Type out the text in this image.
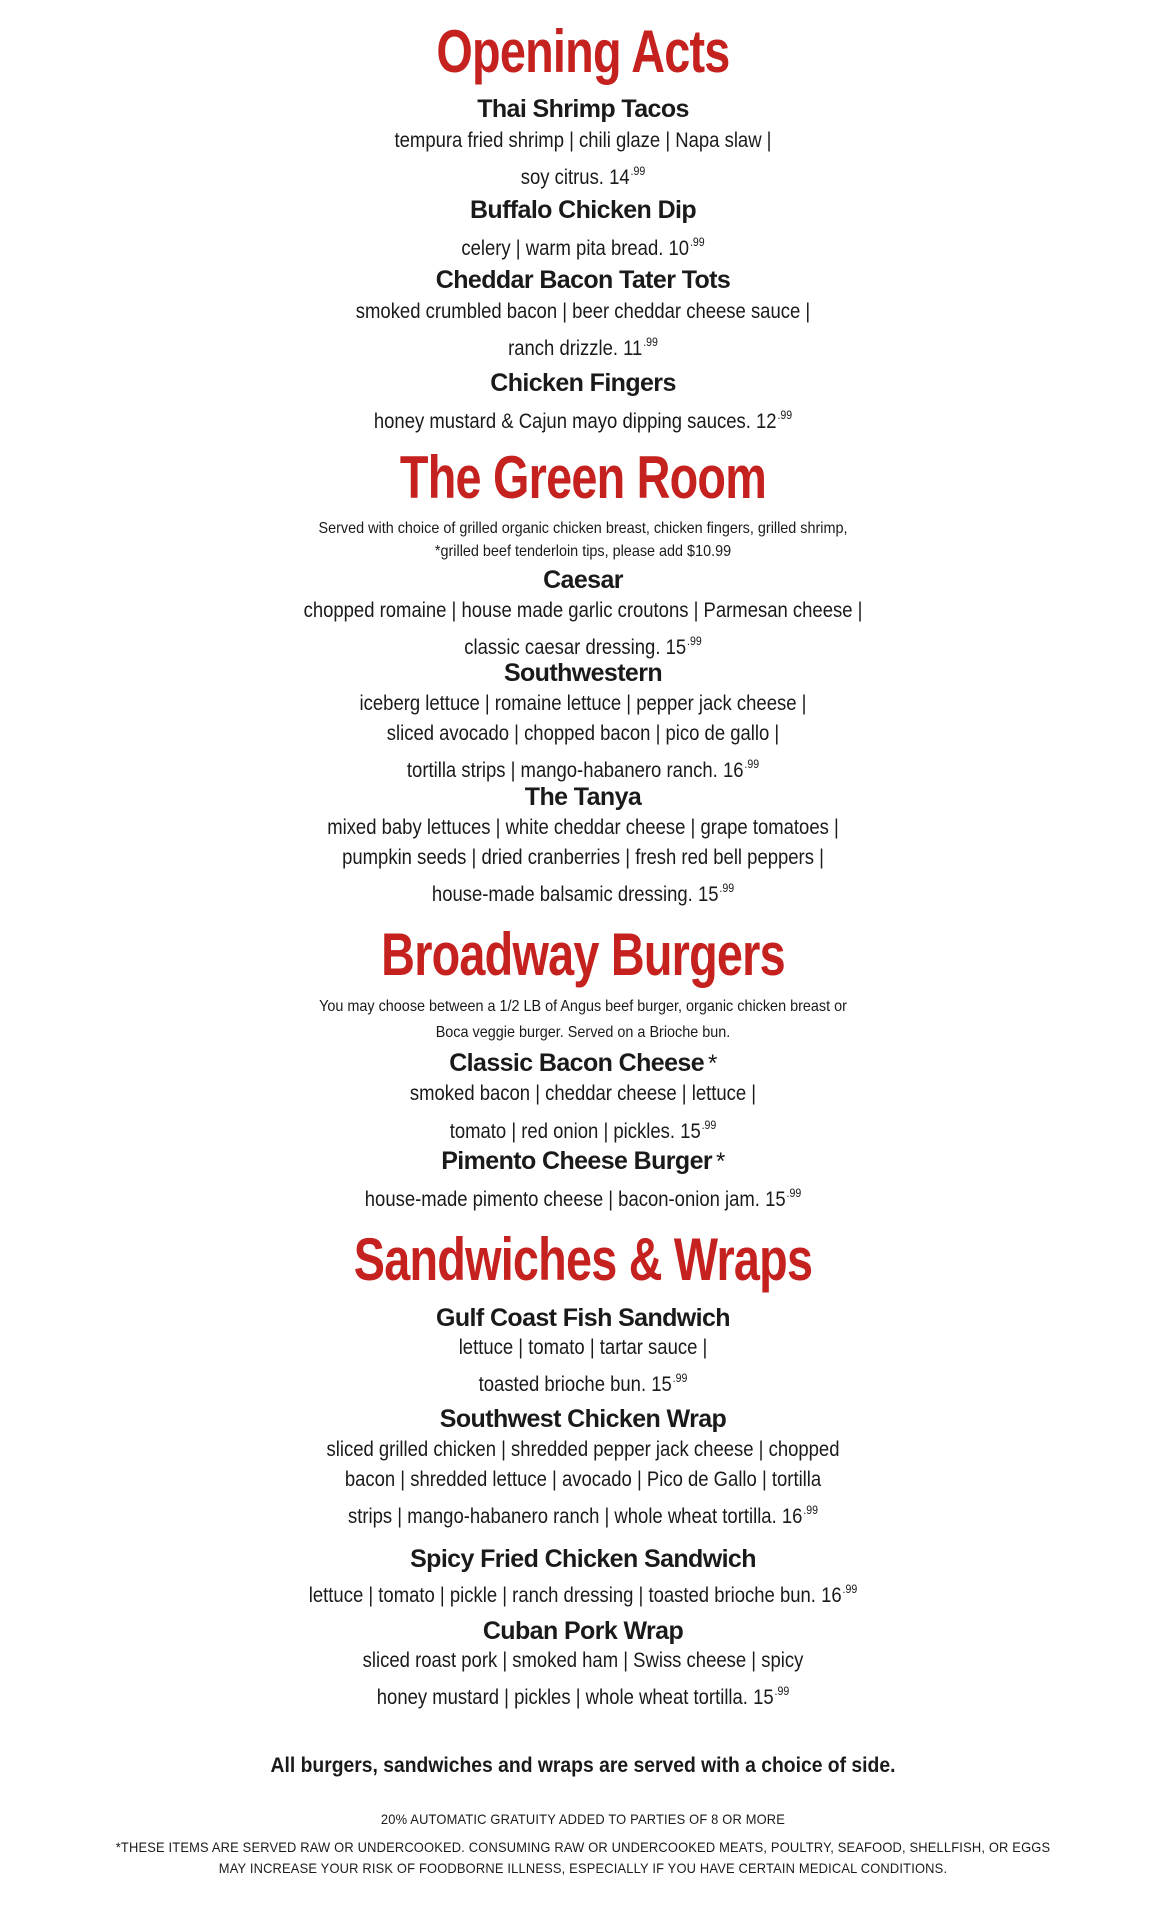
Opening Acts
Thai Shrimp Tacos
tempura fried shrimp | chili glaze | Napa slaw |
soy citrus. $14^{.99}$
Buffalo Chicken Dip
celery | warm pita bread. $10^{.99}$
Cheddar Bacon Tater Tots
smoked crumbled bacon | beer cheddar cheese sauce |
ranch drizzle. $11^{.99}$
Chicken Fingers
honey mustard & Cajun mayo dipping sauces. $12^{.99}$
The Green Room
Served with choice of grilled organic chicken breast, chicken fingers, grilled shrimp,
*grilled beef tenderloin tips, please add $10.99
Caesar
chopped romaine | house made garlic croutons | Parmesan cheese |
classic caesar dressing. $15^{.99}$
Southwestern
iceberg lettuce | romaine lettuce | pepper jack cheese |
sliced avocado | chopped bacon | pico de gallo |
tortilla strips | mango-habanero ranch. $16^{.99}$
The Tanya
mixed baby lettuces | white cheddar cheese | grape tomatoes |
pumpkin seeds | dried cranberries | fresh red bell peppers |
house-made balsamic dressing. $15^{.99}$
Broadway Burgers
You may choose between a 1/2 LB of Angus beef burger, organic chicken breast or
Boca veggie burger. Served on a Brioche bun.
Classic Bacon Cheese *
smoked bacon | cheddar cheese | lettuce |
tomato | red onion | pickles. $15^{.99}$
Pimento Cheese Burger *
house-made pimento cheese | bacon-onion jam. $15^{.99}$
Sandwiches & Wraps
Gulf Coast Fish Sandwich
lettuce | tomato | tartar sauce |
toasted brioche bun. $15^{.99}$
Southwest Chicken Wrap
sliced grilled chicken | shredded pepper jack cheese | chopped
bacon | shredded lettuce | avocado | Pico de Gallo | tortilla
strips | mango-habanero ranch | whole wheat tortilla. $16^{.99}$
Spicy Fried Chicken Sandwich
lettuce | tomato | pickle | ranch dressing | toasted brioche bun. $16^{.99}$
Cuban Pork Wrap
sliced roast pork | smoked ham | Swiss cheese | spicy
honey mustard | pickles | whole wheat tortilla. $15^{.99}$
All burgers, sandwiches and wraps are served with a choice of side.
20% AUTOMATIC GRATUITY ADDED TO PARTIES OF 8 OR MORE
*THESE ITEMS ARE SERVED RAW OR UNDERCOOKED. CONSUMING RAW OR UNDERCOOKED MEATS, POULTRY, SEAFOOD, SHELLFISH, OR EGGS
MAY INCREASE YOUR RISK OF FOODBORNE ILLNESS, ESPECIALLY IF YOU HAVE CERTAIN MEDICAL CONDITIONS.
